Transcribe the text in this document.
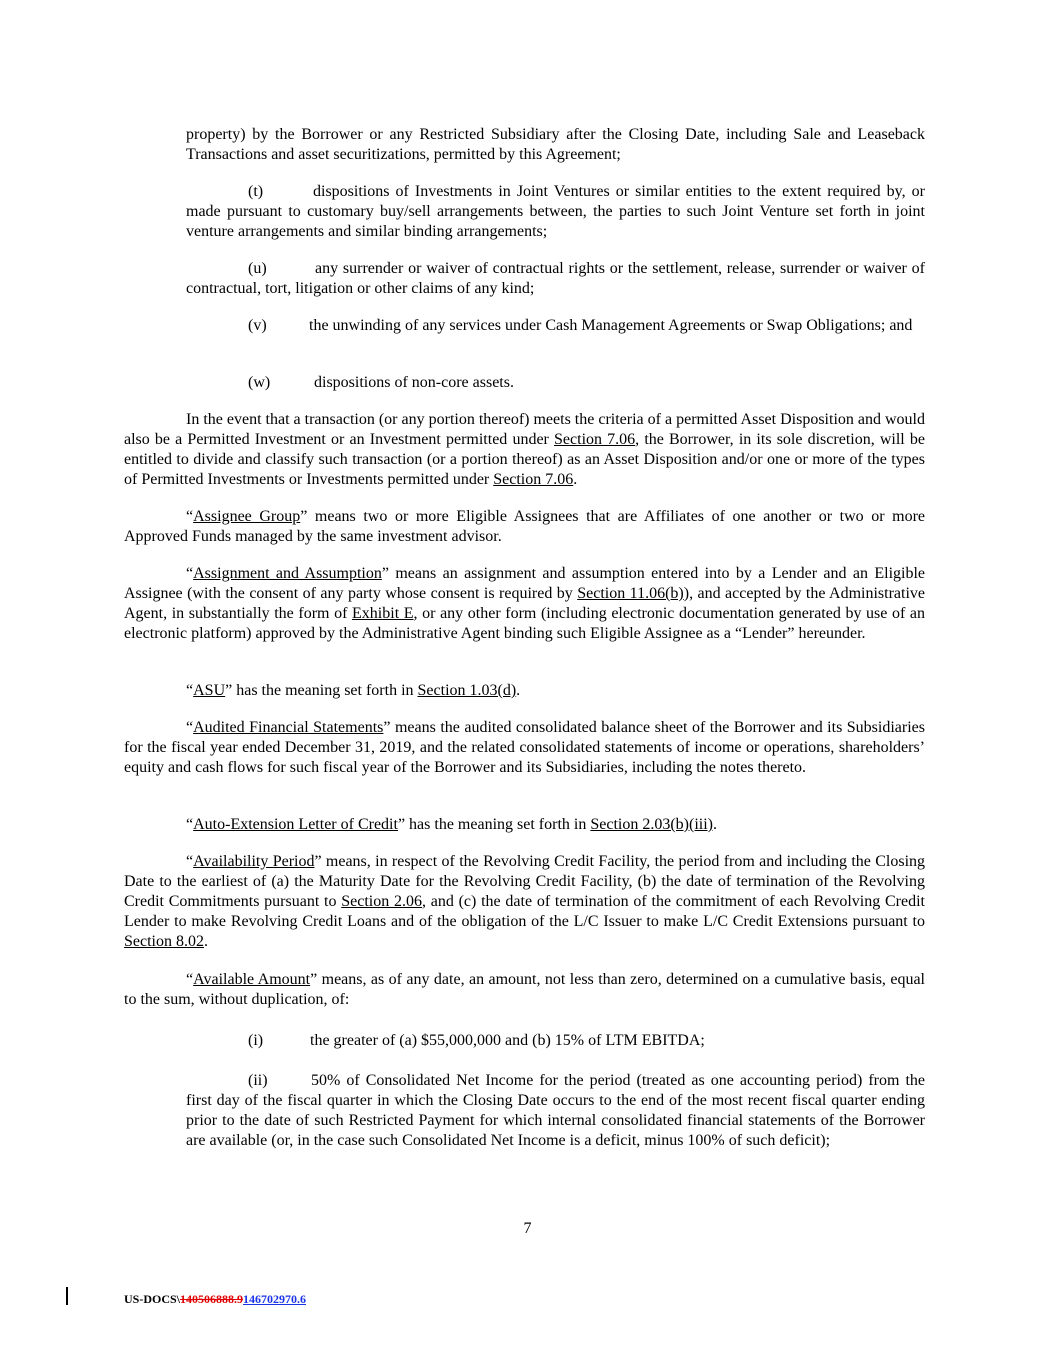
property) by the Borrower or any Restricted Subsidiary after the Closing Date, including Sale and Leaseback Transactions and asset securitizations, permitted by this Agreement;
(t)	dispositions of Investments in Joint Ventures or similar entities to the extent required by, or made pursuant to customary buy/sell arrangements between, the parties to such Joint Venture set forth in joint venture arrangements and similar binding arrangements;
(u)	any surrender or waiver of contractual rights or the settlement, release, surrender or waiver of contractual, tort, litigation or other claims of any kind;
(v)	the unwinding of any services under Cash Management Agreements or Swap Obligations; and
(w)	dispositions of non-core assets.
In the event that a transaction (or any portion thereof) meets the criteria of a permitted Asset Disposition and would also be a Permitted Investment or an Investment permitted under Section 7.06, the Borrower, in its sole discretion, will be entitled to divide and classify such transaction (or a portion thereof) as an Asset Disposition and/or one or more of the types of Permitted Investments or Investments permitted under Section 7.06.
“Assignee Group” means two or more Eligible Assignees that are Affiliates of one another or two or more Approved Funds managed by the same investment advisor.
“Assignment and Assumption” means an assignment and assumption entered into by a Lender and an Eligible Assignee (with the consent of any party whose consent is required by Section 11.06(b)), and accepted by the Administrative Agent, in substantially the form of Exhibit E, or any other form (including electronic documentation generated by use of an electronic platform) approved by the Administrative Agent binding such Eligible Assignee as a “Lender” hereunder.
“ASU” has the meaning set forth in Section 1.03(d).
“Audited Financial Statements” means the audited consolidated balance sheet of the Borrower and its Subsidiaries for the fiscal year ended December 31, 2019, and the related consolidated statements of income or operations, shareholders’ equity and cash flows for such fiscal year of the Borrower and its Subsidiaries, including the notes thereto.
“Auto-Extension Letter of Credit” has the meaning set forth in Section 2.03(b)(iii).
“Availability Period” means, in respect of the Revolving Credit Facility, the period from and including the Closing Date to the earliest of (a) the Maturity Date for the Revolving Credit Facility, (b) the date of termination of the Revolving Credit Commitments pursuant to Section 2.06, and (c) the date of termination of the commitment of each Revolving Credit Lender to make Revolving Credit Loans and of the obligation of the L/C Issuer to make L/C Credit Extensions pursuant to Section 8.02.
“Available Amount” means, as of any date, an amount, not less than zero, determined on a cumulative basis, equal to the sum, without duplication, of:
(i)	the greater of (a) $55,000,000 and (b) 15% of LTM EBITDA;
(ii)	50% of Consolidated Net Income for the period (treated as one accounting period) from the first day of the fiscal quarter in which the Closing Date occurs to the end of the most recent fiscal quarter ending prior to the date of such Restricted Payment for which internal consolidated financial statements of the Borrower are available (or, in the case such Consolidated Net Income is a deficit, minus 100% of such deficit);
7
US-DOCS\140506888.9146702970.6
